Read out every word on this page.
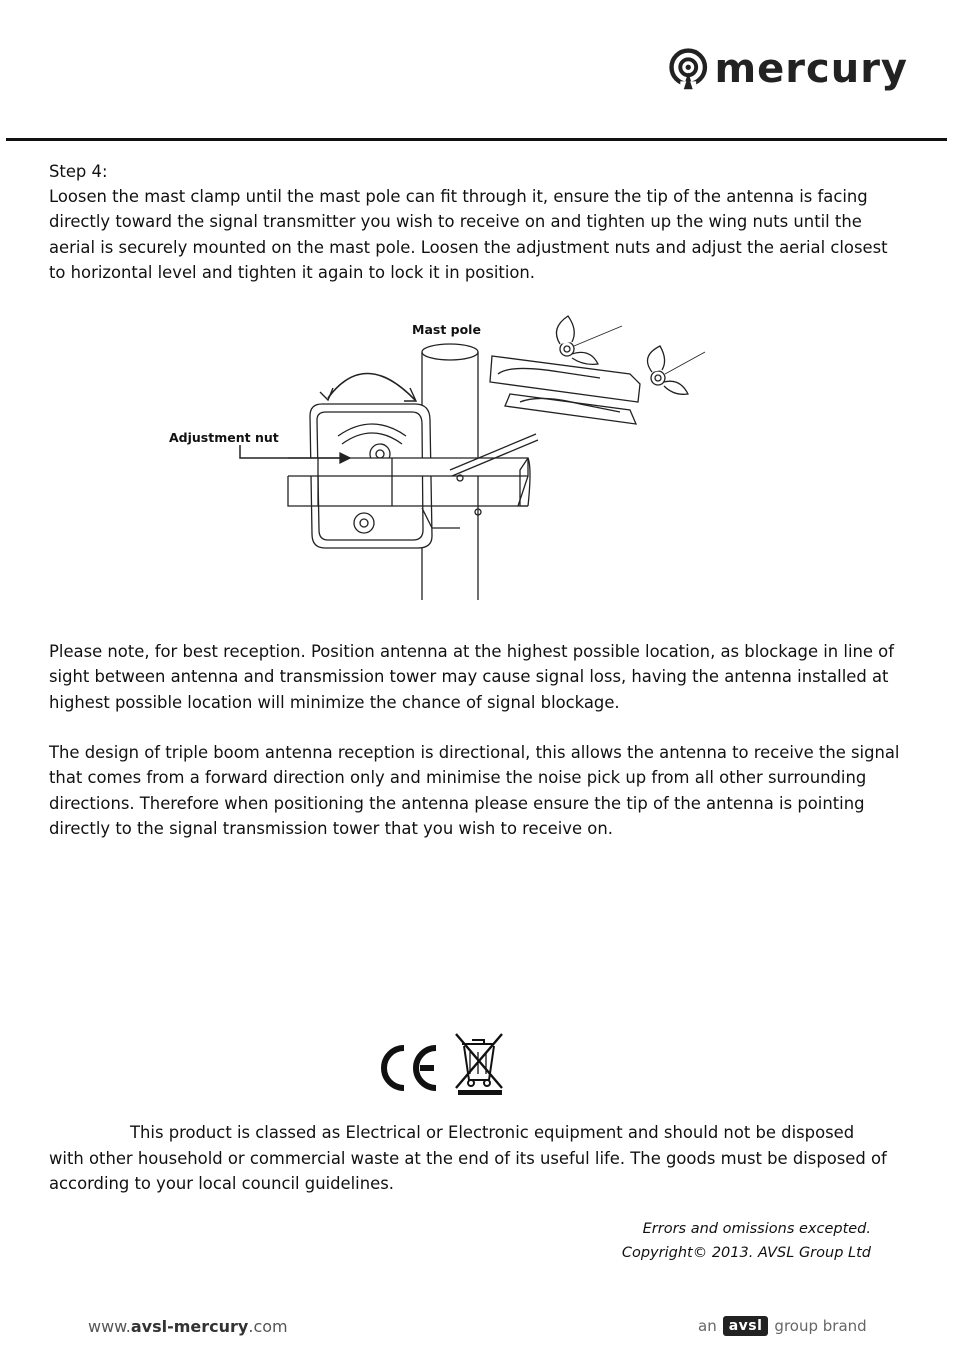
mercury

Step 4:

Loosen the mast clamp until the mast pole can fit through it, ensure the tip of the antenna is facing directly toward the signal transmitter you wish to receive on and tighten up the wing nuts until the aerial is securely mounted on the mast pole. Loosen the adjustment nuts and adjust the aerial closest to horizontal level and tighten it again to lock it in position.

Mast pole
Adjustment nut

Please note, for best reception. Position antenna at the highest possible location, as blockage in line of sight between antenna and transmission tower may cause signal loss, having the antenna installed at highest possible location will minimize the chance of signal blockage.

The design of triple boom antenna reception is directional, this allows the antenna to receive the signal that comes from a forward direction only and minimise the noise pick up from all other surrounding directions. Therefore when positioning the antenna please ensure the tip of the antenna is pointing directly to the signal transmission tower that you wish to receive on.

This product is classed as Electrical or Electronic equipment and should not be disposed
with other household or commercial waste at the end of its useful life. The goods must be disposed of according to your local council guidelines.

Errors and omissions excepted.
Copyright© 2013. AVSL Group Ltd
www.avsl-mercury.com	an avsl group brand
